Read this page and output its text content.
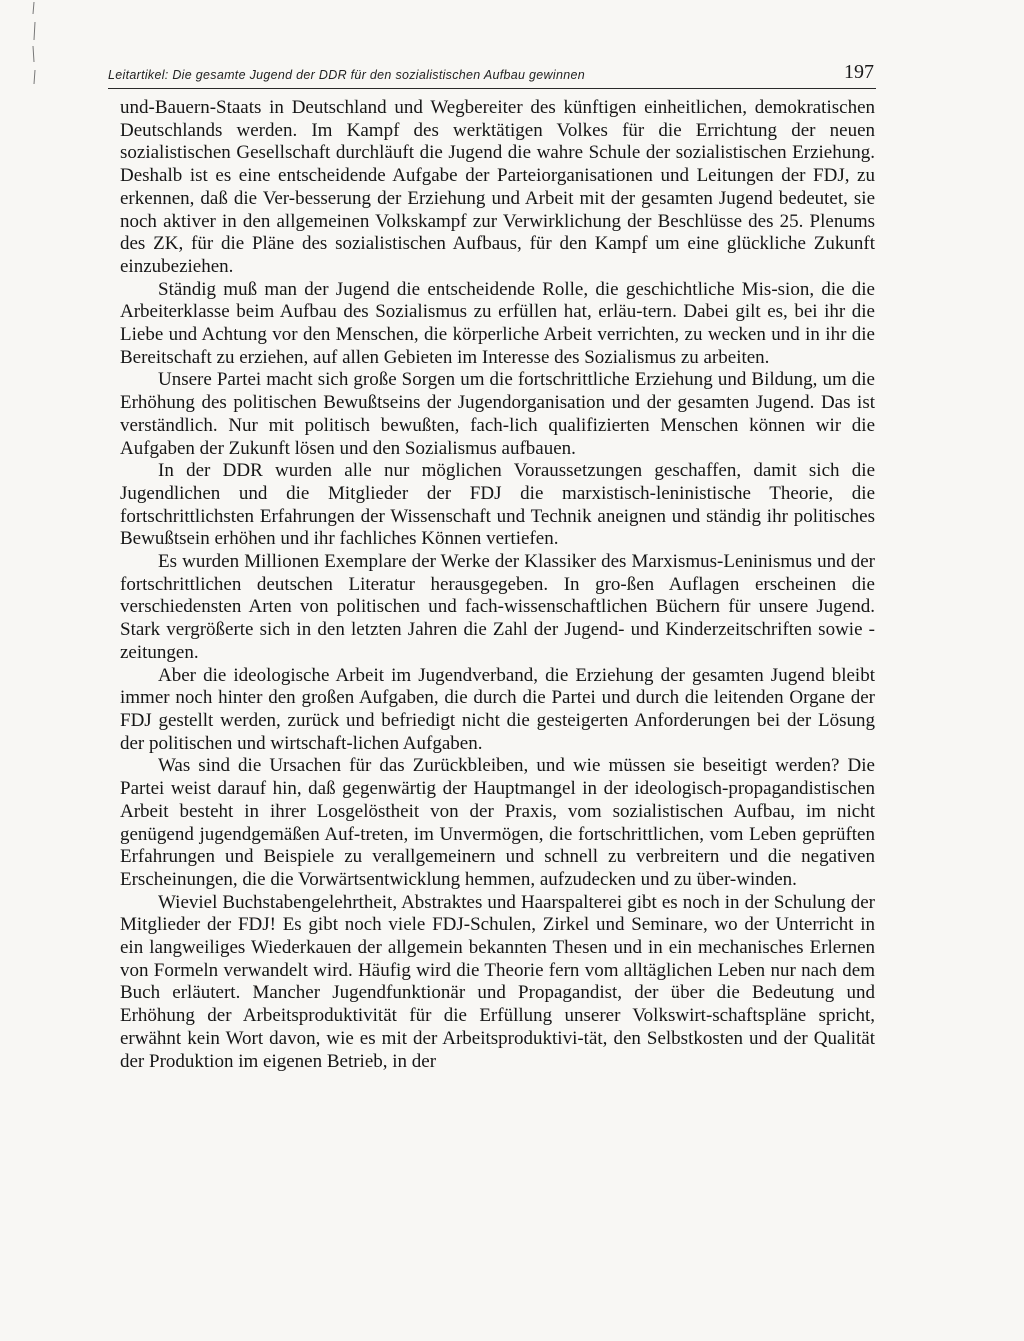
Leitartikel: Die gesamte Jugend der DDR für den sozialistischen Aufbau gewinnen	197

und-Bauern-Staats in Deutschland und Wegbereiter des künftigen einheitlichen, demokratischen Deutschlands werden. Im Kampf des werktätigen Volkes für die Errichtung der neuen sozialistischen Gesellschaft durchläuft die Jugend die wahre Schule der sozialistischen Erziehung. Deshalb ist es eine entscheidende Aufgabe der Parteiorganisationen und Leitungen der FDJ, zu erkennen, daß die Ver-besserung der Erziehung und Arbeit mit der gesamten Jugend bedeutet, sie noch aktiver in den allgemeinen Volkskampf zur Verwirklichung der Beschlüsse des 25. Plenums des ZK, für die Pläne des sozialistischen Aufbaus, für den Kampf um eine glückliche Zukunft einzubeziehen.

Ständig muß man der Jugend die entscheidende Rolle, die geschichtliche Mis-sion, die die Arbeiterklasse beim Aufbau des Sozialismus zu erfüllen hat, erläu-tern. Dabei gilt es, bei ihr die Liebe und Achtung vor den Menschen, die körperliche Arbeit verrichten, zu wecken und in ihr die Bereitschaft zu erziehen, auf allen Gebieten im Interesse des Sozialismus zu arbeiten.

Unsere Partei macht sich große Sorgen um die fortschrittliche Erziehung und Bildung, um die Erhöhung des politischen Bewußtseins der Jugendorganisation und der gesamten Jugend. Das ist verständlich. Nur mit politisch bewußten, fach-lich qualifizierten Menschen können wir die Aufgaben der Zukunft lösen und den Sozialismus aufbauen.

In der DDR wurden alle nur möglichen Voraussetzungen geschaffen, damit sich die Jugendlichen und die Mitglieder der FDJ die marxistisch-leninistische Theorie, die fortschrittlichsten Erfahrungen der Wissenschaft und Technik aneignen und ständig ihr politisches Bewußtsein erhöhen und ihr fachliches Können vertiefen.

Es wurden Millionen Exemplare der Werke der Klassiker des Marxismus-Leninismus und der fortschrittlichen deutschen Literatur herausgegeben. In gro-ßen Auflagen erscheinen die verschiedensten Arten von politischen und fach-wissenschaftlichen Büchern für unsere Jugend. Stark vergrößerte sich in den letzten Jahren die Zahl der Jugend- und Kinderzeitschriften sowie -zeitungen.

Aber die ideologische Arbeit im Jugendverband, die Erziehung der gesamten Jugend bleibt immer noch hinter den großen Aufgaben, die durch die Partei und durch die leitenden Organe der FDJ gestellt werden, zurück und befriedigt nicht die gesteigerten Anforderungen bei der Lösung der politischen und wirtschaft-lichen Aufgaben.

Was sind die Ursachen für das Zurückbleiben, und wie müssen sie beseitigt werden? Die Partei weist darauf hin, daß gegenwärtig der Hauptmangel in der ideologisch-propagandistischen Arbeit besteht in ihrer Losgelöstheit von der Praxis, vom sozialistischen Aufbau, im nicht genügend jugendgemäßen Auf-treten, im Unvermögen, die fortschrittlichen, vom Leben geprüften Erfahrungen und Beispiele zu verallgemeinern und schnell zu verbreitern und die negativen Erscheinungen, die die Vorwärtsentwicklung hemmen, aufzudecken und zu über-winden.

Wieviel Buchstabengelehrtheit, Abstraktes und Haarspalterei gibt es noch in der Schulung der Mitglieder der FDJ! Es gibt noch viele FDJ-Schulen, Zirkel und Seminare, wo der Unterricht in ein langweiliges Wiederkauen der allgemein bekannten Thesen und in ein mechanisches Erlernen von Formeln verwandelt wird. Häufig wird die Theorie fern vom alltäglichen Leben nur nach dem Buch erläutert. Mancher Jugendfunktionär und Propagandist, der über die Bedeutung und Erhöhung der Arbeitsproduktivität für die Erfüllung unserer Volkswirt-schaftspläne spricht, erwähnt kein Wort davon, wie es mit der Arbeitsproduktivi-tät, den Selbstkosten und der Qualität der Produktion im eigenen Betrieb, in der
